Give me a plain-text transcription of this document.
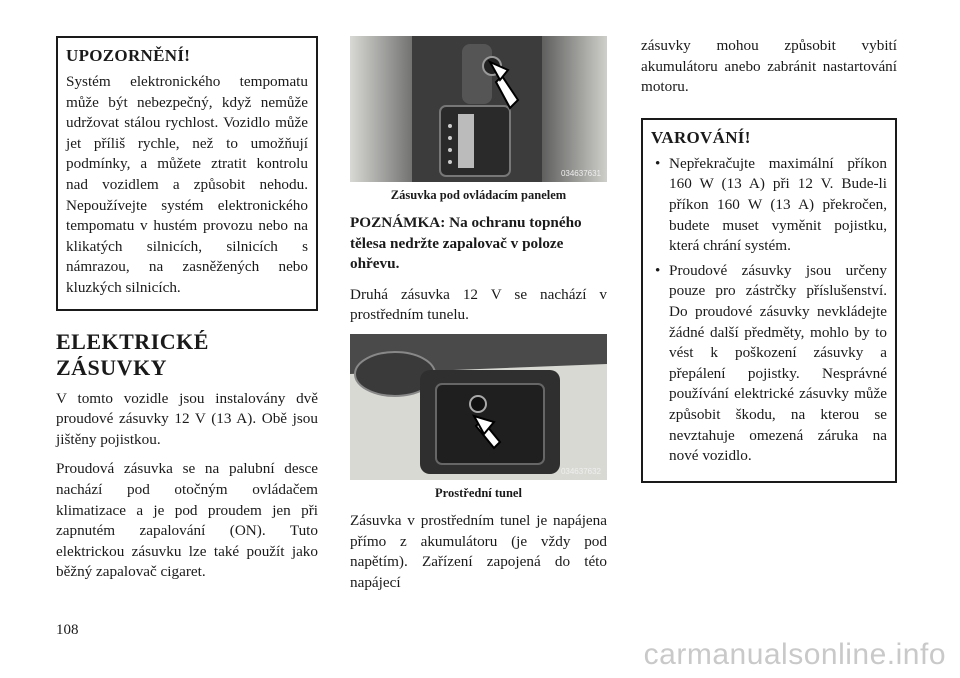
UPOZORNĚNÍ!

Systém elektronického tempomatu může být nebezpečný, když nemůže udržovat stálou rychlost. Vozidlo může jet příliš rychle, než to umožňují podmínky, a můžete ztratit kontrolu nad vozidlem a způsobit nehodu. Nepoužívejte systém elektronického tempomatu v hustém provozu nebo na klikatých silnicích, silnicích s námrazou, na zasněžených nebo kluzkých silnicích.

ELEKTRICKÉ ZÁSUVKY

V tomto vozidle jsou instalovány dvě proudové zásuvky 12 V (13 A). Obě jsou jištěny pojistkou.

Proudová zásuvka se na palubní desce nachází pod otočným ovládačem klimatizace a je pod proudem jen při zapnutém zapalování (ON). Tuto elektrickou zásuvku lze také použít jako běžný zapalovač cigaret.

034637631
Zásuvka pod ovládacím panelem

POZNÁMKA: Na ochranu topného tělesa nedržte zapalovač v poloze ohřevu.

Druhá zásuvka 12 V se nachází v prostředním tunelu.

034637632
Prostřední tunel

Zásuvka v prostředním tunel je napájena přímo z akumulátoru (je vždy pod napětím). Zařízení zapojená do této napájecí

zásuvky mohou způsobit vybití akumulátoru anebo zabránit nastartování motoru.

VAROVÁNÍ!
• Nepřekračujte maximální příkon 160 W (13 A) při 12 V. Bude-li příkon 160 W (13 A) překročen, budete muset vyměnit pojistku, která chrání systém.
• Proudové zásuvky jsou určeny pouze pro zástrčky příslušenství. Do proudové zásuvky nevkládejte žádné další předměty, mohlo by to vést k poškození zásuvky a přepálení pojistky. Nesprávné používání elektrické zásuvky může způsobit škodu, na kterou se nevztahuje omezená záruka na nové vozidlo.
108
carmanualsonline.info
